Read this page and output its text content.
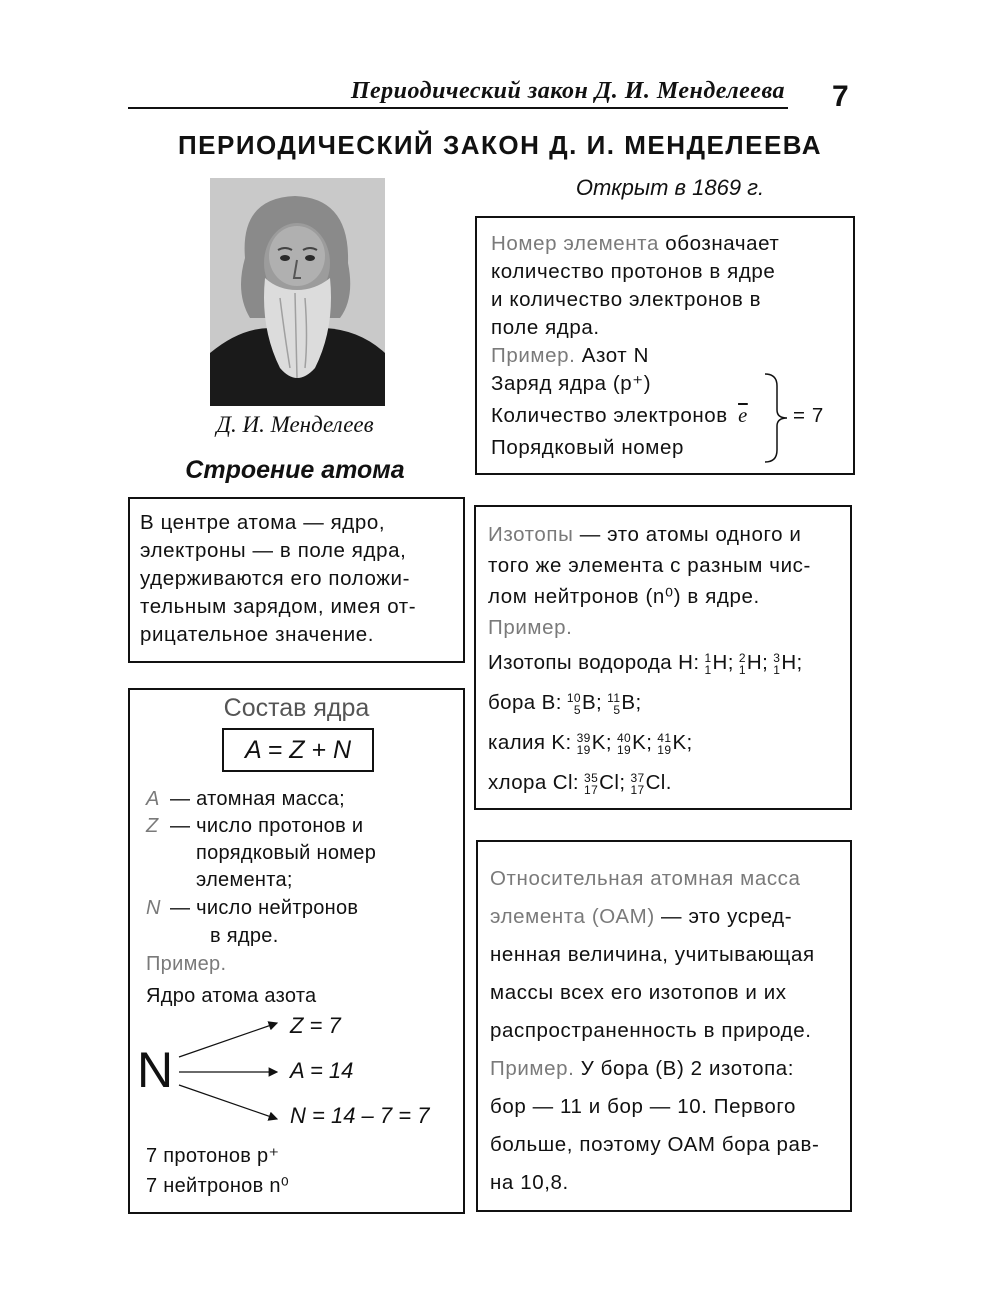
Периодический закон Д. И. Менделеева 7
ПЕРИОДИЧЕСКИЙ ЗАКОН Д. И. МЕНДЕЛЕЕВА
Открыт в 1869 г.
Д. И. Менделеев
Строение атома
Номер элемента обозначает
количество протонов в ядре
и количество электронов в
поле ядра.
Пример. Азот N
Заряд ядра (p⁺)
Количество электронов $\overline{e}$
Порядковый номер
= 7
В центре атома — ядро,
электроны — в поле ядра,
удерживаются его положи-
тельным зарядом, имея от-
рицательное значение.
Изотопы — это атомы одного и
того же элемента с разным чис-
лом нейтронов (n⁰) в ядре.
Пример.
Изотопы водорода H: 1
1 H; 2
1 H; 3
1 H;
бора B: 10
5 B; 11
5 B;
калия K: 39
19 K; 40
19 K; 41
19 K;
хлора Cl: 35
17 Cl; 37
17 Cl.
Состав ядра
A = Z + N
A — атомная масса;
Z — число протонов и
порядковый номер
элемента;
N — число нейтронов
в ядре.
Пример.
Ядро атома азота
N
Z = 7
A = 14
N = 14 – 7 = 7
7 протонов p⁺
7 нейтронов n⁰
Относительная атомная масса
элемента (ОАМ) — это усред-
ненная величина, учитывающая
массы всех его изотопов и их
распространенность в природе.
Пример. У бора (B) 2 изотопа:
бор — 11 и бор — 10. Первого
больше, поэтому ОАМ бора рав-
на 10,8.
